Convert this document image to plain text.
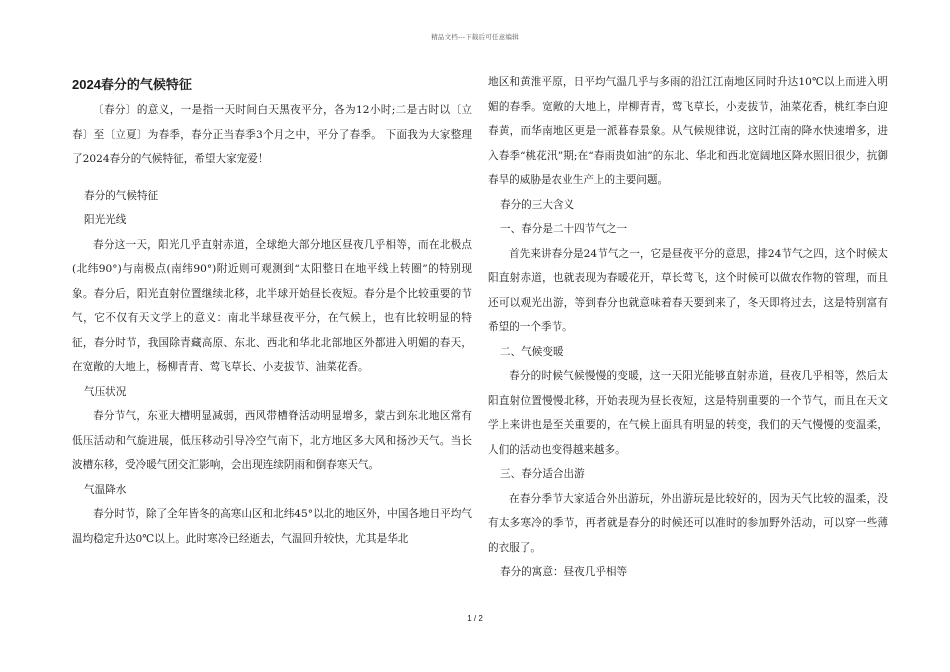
精品文档---下载后可任意编辑
2024春分的气候特征

〔春分〕的意义，一是指一天时间白天黑夜平分，各为12小时;二是古时以〔立春〕至〔立夏〕为春季，春分正当春季3个月之中，平分了春季。 下面我为大家整理了2024春分的气候特征，希望大家宠爱！

春分的气候特征

阳光光线

春分这一天，阳光几乎直射赤道，全球绝大部分地区昼夜几乎相等，而在北极点(北纬90°)与南极点(南纬90°)附近则可观测到“太阳整日在地平线上转圈”的特别现象。春分后，阳光直射位置继续北移，北半球开始昼长夜短。春分是个比较重要的节气，它不仅有天文学上的意义：南北半球昼夜平分，在气候上，也有比较明显的特征，春分时节，我国除青藏高原、东北、西北和华北北部地区外都进入明媚的春天，在宽敞的大地上，杨柳青青、莺飞草长、小麦拔节、油菜花香。

气压状况

春分节气，东亚大槽明显减弱，西风带槽脊活动明显增多，蒙古到东北地区常有低压活动和气旋进展，低压移动引导冷空气南下，北方地区多大风和扬沙天气。当长波槽东移，受冷暖气团交汇影响，会出现连续阴雨和倒春寒天气。

气温降水

春分时节，除了全年皆冬的高寒山区和北纬45°以北的地区外，中国各地日平均气温均稳定升达0℃以上。此时寒冷已经逝去，气温回升较快，尤其是华北

地区和黄淮平原，日平均气温几乎与多雨的沿江江南地区同时升达10℃以上而进入明媚的春季。宽敞的大地上，岸柳青青，莺飞草长，小麦拔节，油菜花香，桃红李白迎春黄，而华南地区更是一派暮春景象。从气候规律说，这时江南的降水快速增多，进入春季“桃花汛”期;在“春雨贵如油”的东北、华北和西北宽阔地区降水照旧很少，抗御春旱的威胁是农业生产上的主要问题。

春分的三大含义

一、春分是二十四节气之一

首先来讲春分是24节气之一，它是昼夜平分的意思，排24节气之四，这个时候太阳直射赤道，也就表现为春暖花开，草长莺飞，这个时候可以做农作物的管理，而且还可以观光出游，等到春分也就意味着春天要到来了，冬天即将过去，这是特别富有希望的一个季节。

二、气候变暖

春分的时候气候慢慢的变暖，这一天阳光能够直射赤道，昼夜几乎相等，然后太阳直射位置慢慢北移，开始表现为昼长夜短，这是特别重要的一个节气，而且在天文学上来讲也是至关重要的，在气候上面具有明显的转变，我们的天气慢慢的变温柔，人们的活动也变得越来越多。

三、春分适合出游

在春分季节大家适合外出游玩，外出游玩是比较好的，因为天气比较的温柔，没有太多寒冷的季节，再者就是春分的时候还可以准时的参加野外活动，可以穿一些薄的衣服了。

春分的寓意：昼夜几乎相等

1 / 2
